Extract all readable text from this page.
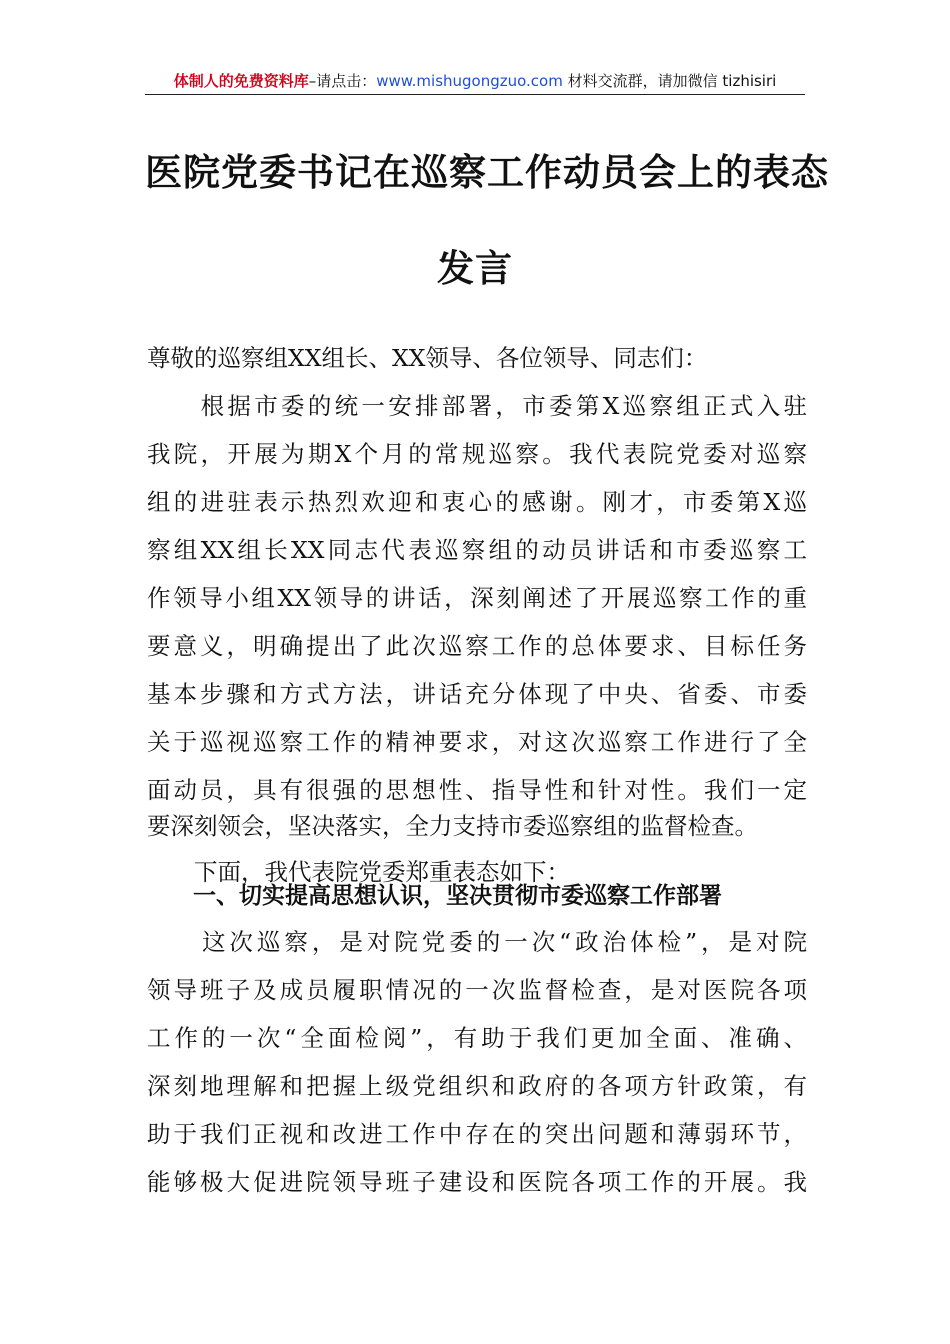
体制人的免费资料库–请点击：www.mishugongzuo.com 材料交流群，请加微信 tizhisiri
医院党委书记在巡察工作动员会上的表态
发言
尊敬的巡察组XX组长、XX领导、各位领导、同志们：
　　根据市委的统一安排部署，市委第X巡察组正式入驻
我院，开展为期X个月的常规巡察。我代表院党委对巡察
组的进驻表示热烈欢迎和衷心的感谢。刚才，市委第X巡
察组XX组长XX同志代表巡察组的动员讲话和市委巡察工
作领导小组XX领导的讲话，深刻阐述了开展巡察工作的重
要意义，明确提出了此次巡察工作的总体要求、目标任务
基本步骤和方式方法，讲话充分体现了中央、省委、市委
关于巡视巡察工作的精神要求，对这次巡察工作进行了全
面动员，具有很强的思想性、指导性和针对性。我们一定
要深刻领会，坚决落实，全力支持市委巡察组的监督检查。
　　下面，我代表院党委郑重表态如下：
　　一、切实提高思想认识，坚决贯彻市委巡察工作部署
　　这次巡察，是对院党委的一次“政治体检”，是对院
领导班子及成员履职情况的一次监督检查，是对医院各项
工作的一次“全面检阅”，有助于我们更加全面、准确、
深刻地理解和把握上级党组织和政府的各项方针政策，有
助于我们正视和改进工作中存在的突出问题和薄弱环节，
能够极大促进院领导班子建设和医院各项工作的开展。我
